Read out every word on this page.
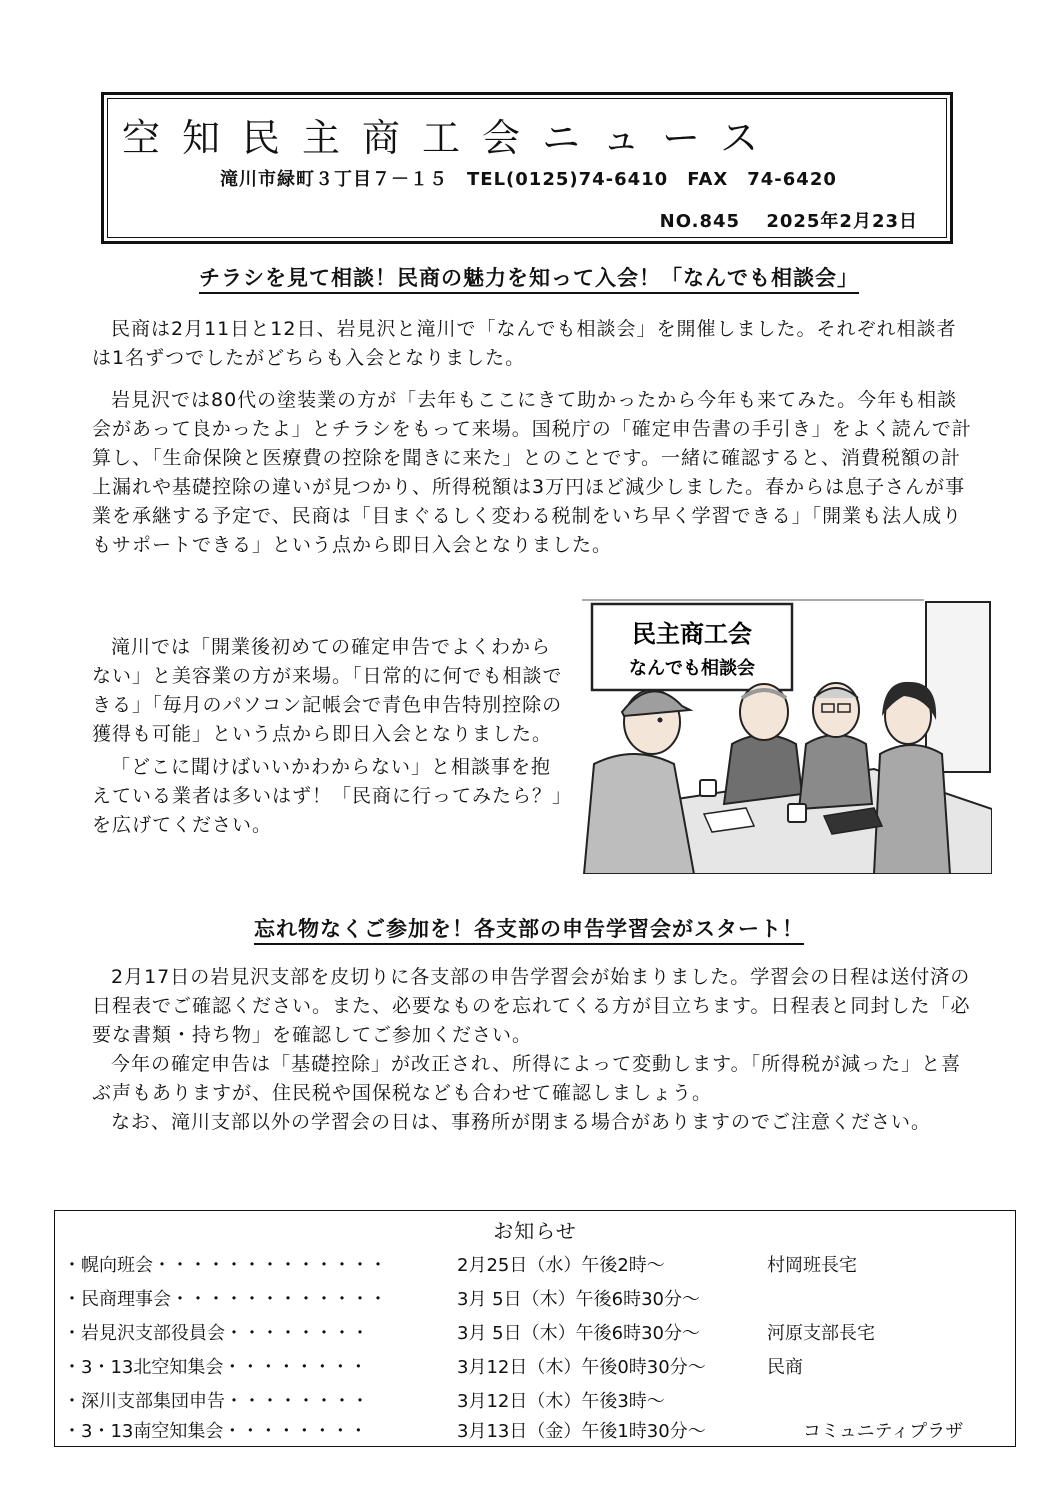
空知民主商工会ニュース
滝川市緑町３丁目７－１５　TEL(0125)74-6410　FAX　74-6420
NO.845　 2025年2月23日
チラシを見て相談！民商の魅力を知って入会！「なんでも相談会」

民商は2月11日と12日、岩見沢と滝川で「なんでも相談会」を開催しました。それぞれ相談者は1名ずつでしたがどちらも入会となりました。

岩見沢では80代の塗装業の方が「去年もここにきて助かったから今年も来てみた。今年も相談会があって良かったよ」とチラシをもって来場。国税庁の「確定申告書の手引き」をよく読んで計算し、「生命保険と医療費の控除を聞きに来た」とのことです。一緒に確認すると、消費税額の計上漏れや基礎控除の違いが見つかり、所得税額は3万円ほど減少しました。春からは息子さんが事業を承継する予定で、民商は「目まぐるしく変わる税制をいち早く学習できる」「開業も法人成りもサポートできる」という点から即日入会となりました。

滝川では「開業後初めての確定申告でよくわからない」と美容業の方が来場。「日常的に何でも相談できる」「毎月のパソコン記帳会で青色申告特別控除の獲得も可能」という点から即日入会となりました。

「どこに聞けばいいかわからない」と相談事を抱えている業者は多いはず！「民商に行ってみたら？」を広げてください。

民主商工会
なんでも相談会
忘れ物なくご参加を！各支部の申告学習会がスタート！

2月17日の岩見沢支部を皮切りに各支部の申告学習会が始まりました。学習会の日程は送付済の日程表でご確認ください。また、必要なものを忘れてくる方が目立ちます。日程表と同封した「必要な書類・持ち物」を確認してご参加ください。

今年の確定申告は「基礎控除」が改正され、所得によって変動します。「所得税が減った」と喜ぶ声もありますが、住民税や国保税なども合わせて確認しましょう。

なお、滝川支部以外の学習会の日は、事務所が閉まる場合がありますのでご注意ください。

お知らせ
・幌向班会・・・・・・・・・・・・・	2月25日（水）午後2時～	村岡班長宅
・民商理事会・・・・・・・・・・・・	3月 5日（木）午後6時30分～
・岩見沢支部役員会・・・・・・・・	3月 5日（木）午後6時30分～	河原支部長宅
・3・13北空知集会・・・・・・・・	3月12日（木）午後0時30分～	民商
・深川支部集団申告・・・・・・・・	3月12日（木）午後3時～
・3・13南空知集会・・・・・・・・	3月13日（金）午後1時30分～	コミュニティプラザ
